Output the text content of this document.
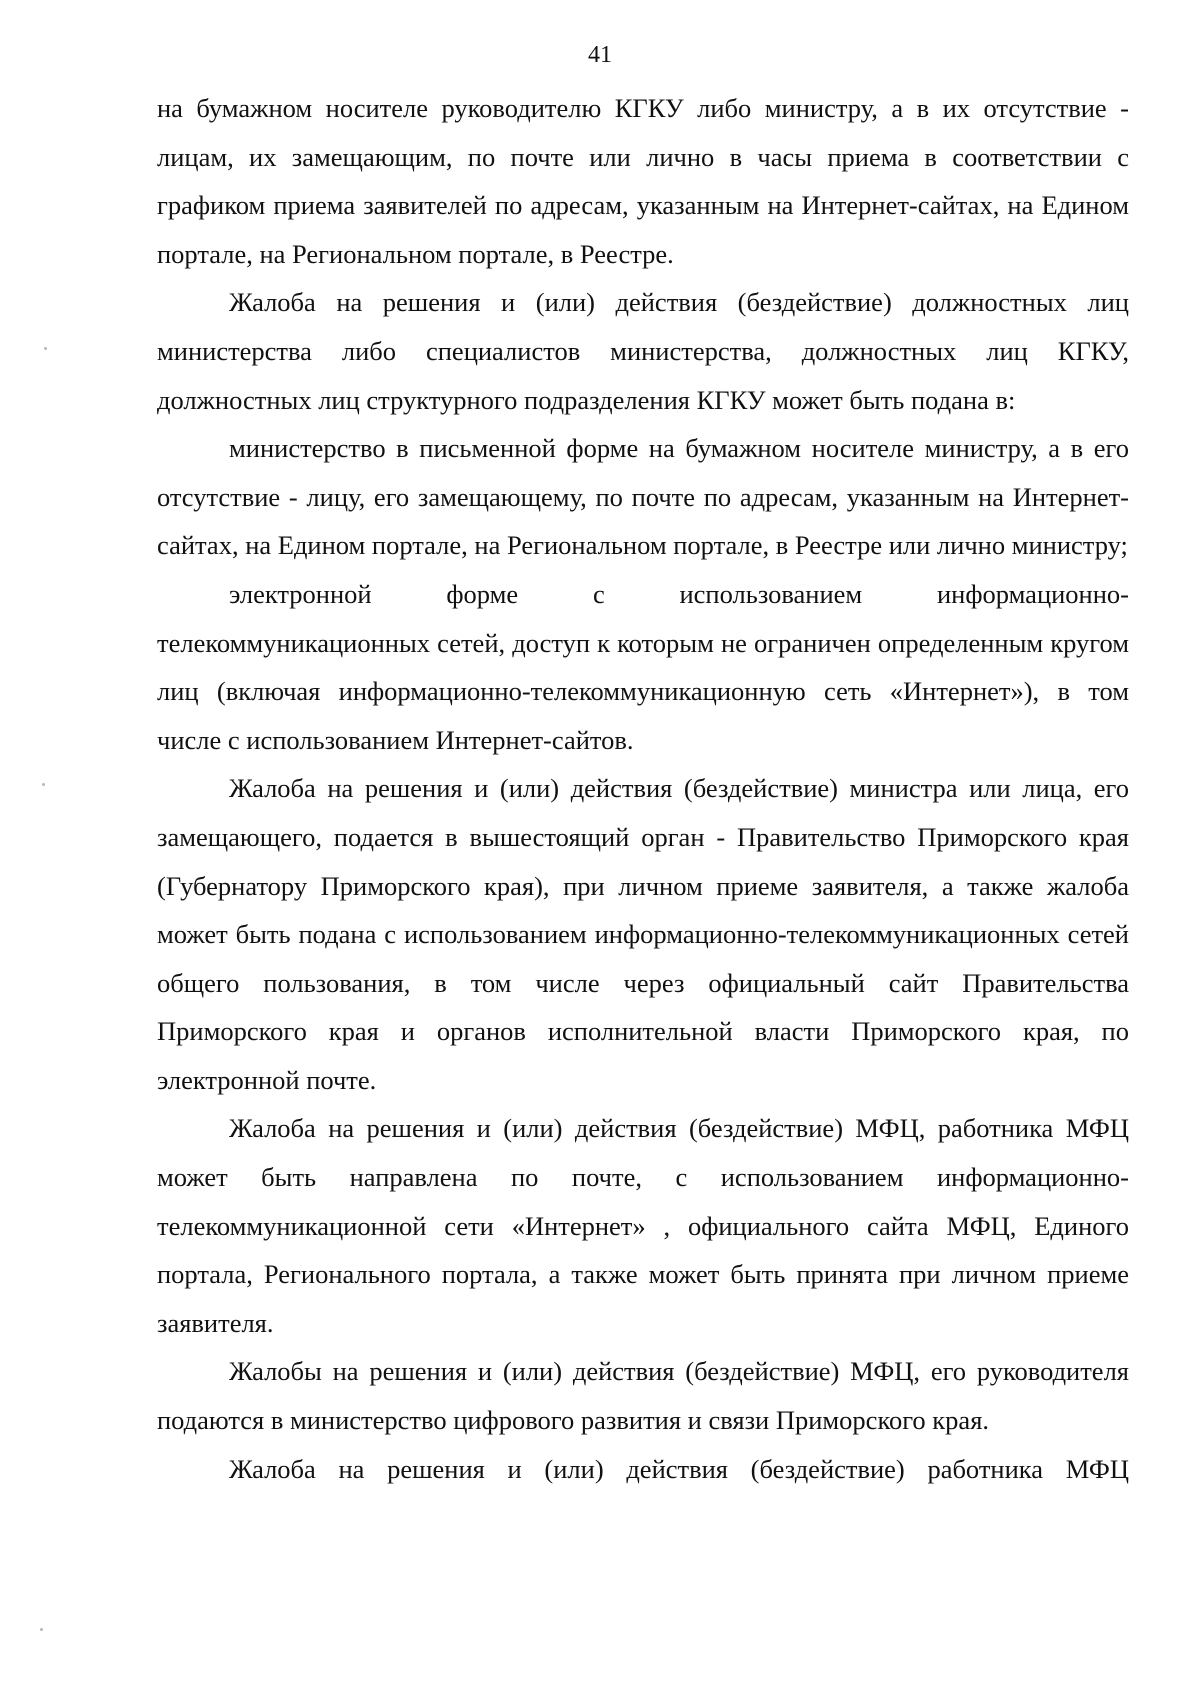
41

на бумажном носителе руководителю КГКУ либо министру, а в их отсутствие - лицам, их замещающим, по почте или лично в часы приема в соответствии с графиком приема заявителей по адресам, указанным на Интернет-сайтах, на Едином портале, на Региональном портале, в Реестре.

Жалоба на решения и (или) действия (бездействие) должностных лиц министерства либо специалистов министерства, должностных лиц КГКУ, должностных лиц структурного подразделения КГКУ может быть подана в:

министерство в письменной форме на бумажном носителе министру, а в его отсутствие - лицу, его замещающему, по почте по адресам, указанным на Интернет-сайтах, на Едином портале, на Региональном портале, в Реестре или лично министру;

электронной форме с использованием информационно-телекоммуникационных сетей, доступ к которым не ограничен определенным кругом лиц (включая информационно-телекоммуникационную сеть «Интернет»), в том числе с использованием Интернет-сайтов.

Жалоба на решения и (или) действия (бездействие) министра или лица, его замещающего, подается в вышестоящий орган - Правительство Приморского края (Губернатору Приморского края), при личном приеме заявителя, а также жалоба может быть подана с использованием информационно-телекоммуникационных сетей общего пользования, в том числе через официальный сайт Правительства Приморского края и органов исполнительной власти Приморского края, по электронной почте.

Жалоба на решения и (или) действия (бездействие) МФЦ, работника МФЦ может быть направлена по почте, с использованием информационно-телекоммуникационной сети «Интернет» , официального сайта МФЦ, Единого портала, Регионального портала, а также может быть принята при личном приеме заявителя.

Жалобы на решения и (или) действия (бездействие) МФЦ, его руководителя подаются в министерство цифрового развития и связи Приморского края.

Жалоба на решения и (или) действия (бездействие) работника МФЦ
